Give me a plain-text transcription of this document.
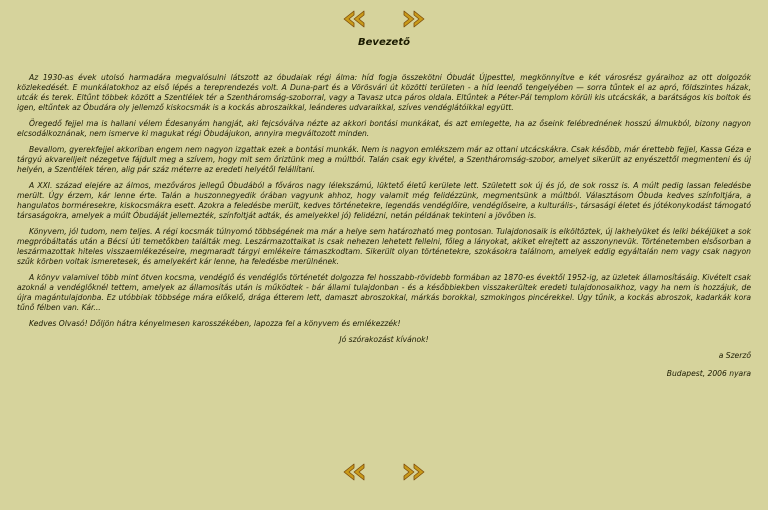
Bevezető

Az 1930-as évek utolsó harmadára megvalósulni látszott az óbudaiak régi álma: híd fogja összekötni Óbudát Újpesttel, megkönnyítve e két városrész gyáraihoz az ott dolgozók közlekedését. E munkálatokhoz az első lépés a tereprendezés volt. A Duna-part és a Vörösvári út közötti területen - a híd leendő tengelyében — sorra tűntek el az apró, földszintes házak, utcák és terek. Eltűnt többek között a Szentlélek tér a Szentháromság-szoborral, vagy a Tavasz utca páros oldala. Eltűntek a Péter-Pál templom körüli kis utcácskák, a barátságos kis boltok és igen, eltűntek az Óbudára oly jellemző kiskocsmák is a kockás abroszaikkal, leánderes udvaraikkal, szíves vendéglátóikkal együtt.

Öregedő fejjel ma is hallani vélem Édesanyám hangját, aki fejcsóválva nézte az akkori bontási munkákat, és azt emlegette, ha az őseink felébrednének hosszú álmukból, bizony nagyon elcsodálkoznának, nem ismerve ki magukat régi Óbudájukon, annyira megváltozott minden.

Bevallom, gyerekfejjel akkoriban engem nem nagyon izgattak ezek a bontási munkák. Nem is nagyon emlékszem már az ottani utcácskákra. Csak később, már érettebb fejjel, Kassa Géza e tárgyú akvarelljeit nézegetve fájdult meg a szívem, hogy mit sem őriztünk meg a múltból. Talán csak egy kivétel, a Szentháromság-szobor, amelyet sikerült az enyészettől megmenteni és új helyén, a Szentlélek téren, alig pár száz méterre az eredeti helyétől felállítani.

A XXI. század elejére az álmos, mezőváros jellegű Óbudából a főváros nagy lélekszámú, lüktető életű kerülete lett. Született sok új és jó, de sok rossz is. A múlt pedig lassan feledésbe merült. Úgy érzem, kár lenne érte. Talán a huszonnegyedik órában vagyunk ahhoz, hogy valamit még felidézzünk, megmentsünk a múltból. Választásom Óbuda kedves színfoltjára, a hangulatos borméresekre, kiskocsmákra esett. Azokra a feledésbe merült, kedves történetekre, legendás vendéglőire, vendéglőseire, a kulturális-, társasági életet és jótékonykodást támogató társaságokra, amelyek a múlt Óbudáját jellemezték, színfoltját adták, és amelyekkel jó) felidézni, netán példának tekinteni a jövőben is.

Könyvem, jól tudom, nem teljes. A régi kocsmák túlnyomó többségének ma már a helye sem határozható meg pontosan. Tulajdonosaik is elköltöztek, új lakhelyüket és lelki békéjüket a sok megpróbáltatás után a Bécsi úti temetőkben találták meg. Leszármazottaikat is csak nehezen lehetett fellelni, főleg a lányokat, akiket elrejtett az asszonynevük. Történetemben elsősorban a leszármazottak hiteles visszaemlékezéseire, megmaradt tárgyi emlékeire támaszkodtam. Sikerült olyan történetekre, szokásokra találnom, amelyek eddig egyáltalán nem vagy csak nagyon szűk körben voltak ismeretesek, és amelyekért kár lenne, ha feledésbe merülnének.

A könyv valamivel több mint ötven kocsma, vendéglő és vendéglős történetét dolgozza fel hosszabb-rövidebb formában az 1870-es évektől 1952-ig, az üzletek államosításáig. Kivételt csak azoknál a vendéglőknél tettem, amelyek az államosítás után is működtek - bár állami tulajdonban - és a későbbiekben visszakerültek eredeti tulajdonosaikhoz, vagy ha nem is hozzájuk, de újra magántulajdonba. Ez utóbbiak többsége mára előkelő, drága étterem lett, damaszt abroszokkal, márkás borokkal, szmokingos pincérekkel. Úgy tűnik, a kockás abroszok, kadarkák kora tűnő félben van. Kár...

Kedves Olvasó! Dőljön hátra kényelmesen karosszékében, lapozza fel a könyvem és emlékezzék!

Jó szórakozást kívánok!

a Szerző

Budapest, 2006 nyara
